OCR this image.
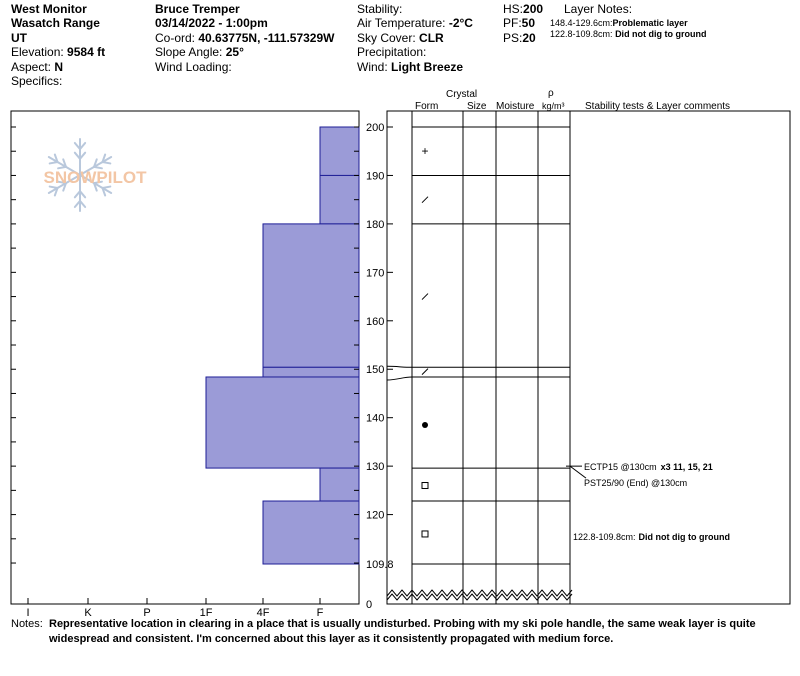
West Monitor
Wasatch Range
UT
Elevation: 9584 ft
Aspect: N
Specifics:
Bruce Tremper
03/14/2022 - 1:00pm
Co-ord: 40.63775N, -111.57329W
Slope Angle: 25°
Wind Loading:
Stability:
Air Temperature: -2°C
Sky Cover: CLR
Precipitation:
Wind: Light Breeze
HS:200
PF:50
PS:20
Layer Notes:
148.4-129.6cm:Problematic layer
122.8-109.8cm: Did not dig to ground
Crystal
Form	Size Moisture
ρ
kg/m³ Stability tests & Layer comments
SNOWPILOT
I	K	P	1F	4F	F
200
190
180
170
160
150
140
130
120
109.8
0
+
ECTP15 @130cm x3 11, 15, 21
PST25/90 (End) @130cm
122.8-109.8cm: Did not dig to ground
Notes: Representative location in clearing in a place that is usually undisturbed. Probing with my ski pole handle, the same weak layer is quite widespread and consistent. I'm concerned about this layer as it consistently propagated with medium force.
